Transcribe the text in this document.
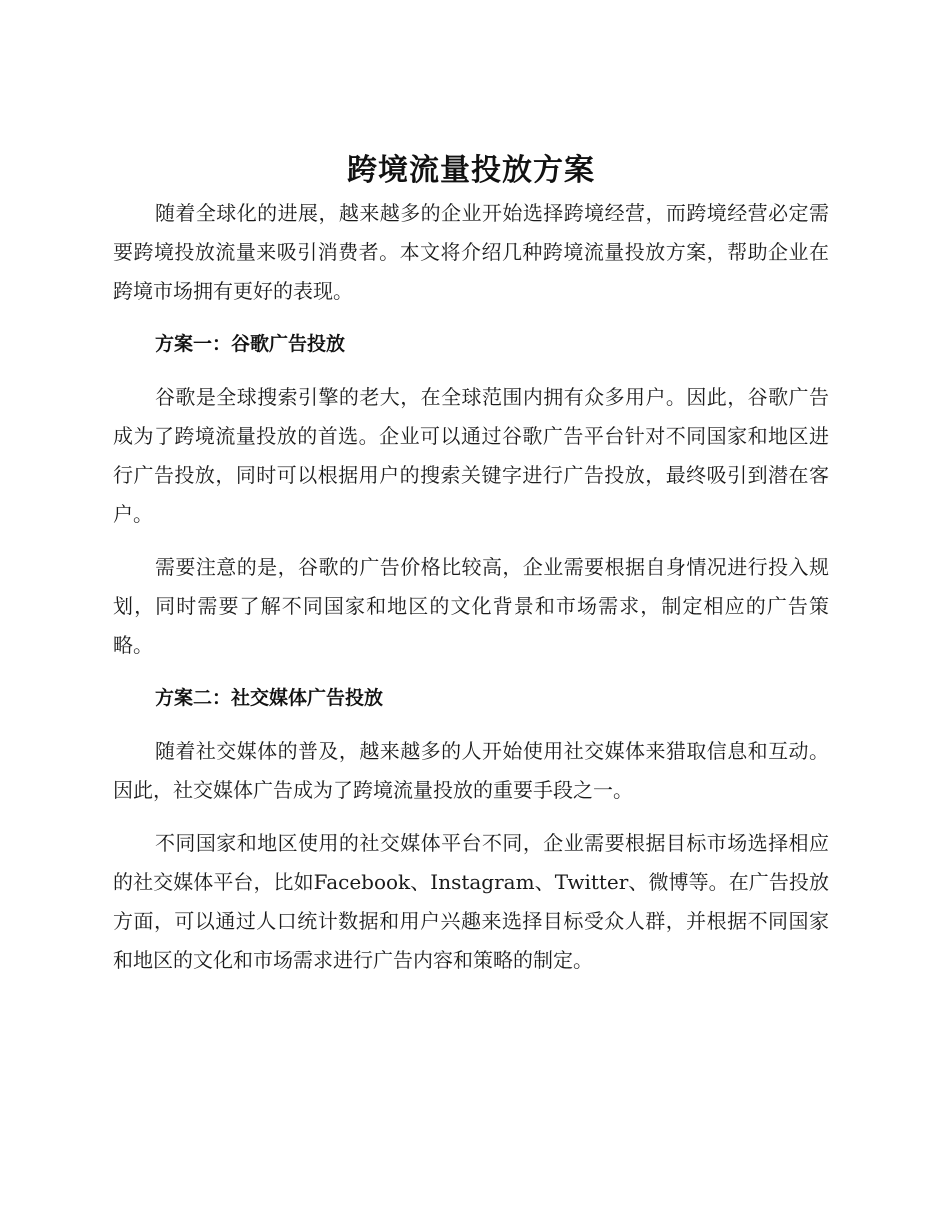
跨境流量投放方案

随着全球化的进展，越来越多的企业开始选择跨境经营，而跨境经营必定需要跨境投放流量来吸引消费者。本文将介绍几种跨境流量投放方案，帮助企业在跨境市场拥有更好的表现。

方案一：谷歌广告投放

谷歌是全球搜索引擎的老大，在全球范围内拥有众多用户。因此，谷歌广告成为了跨境流量投放的首选。企业可以通过谷歌广告平台针对不同国家和地区进行广告投放，同时可以根据用户的搜索关键字进行广告投放，最终吸引到潜在客户。

需要注意的是，谷歌的广告价格比较高，企业需要根据自身情况进行投入规划，同时需要了解不同国家和地区的文化背景和市场需求，制定相应的广告策略。

方案二：社交媒体广告投放

随着社交媒体的普及，越来越多的人开始使用社交媒体来猎取信息和互动。因此，社交媒体广告成为了跨境流量投放的重要手段之一。

不同国家和地区使用的社交媒体平台不同，企业需要根据目标市场选择相应的社交媒体平台，比如Facebook、Instagram、Twitter、微博等。在广告投放方面，可以通过人口统计数据和用户兴趣来选择目标受众人群，并根据不同国家和地区的文化和市场需求进行广告内容和策略的制定。
